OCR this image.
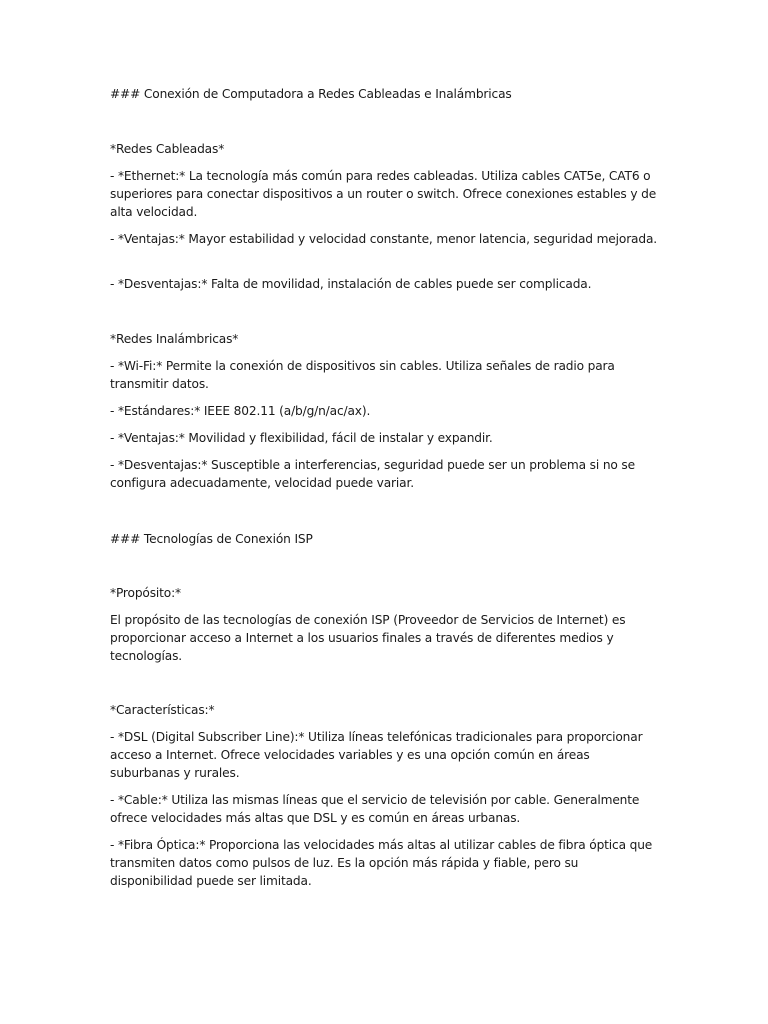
### Conexión de Computadora a Redes Cableadas e Inalámbricas
*Redes Cableadas*
- *Ethernet:* La tecnología más común para redes cableadas. Utiliza cables CAT5e, CAT6 o superiores para conectar dispositivos a un router o switch. Ofrece conexiones estables y de alta velocidad.
- *Ventajas:* Mayor estabilidad y velocidad constante, menor latencia, seguridad mejorada.
- *Desventajas:* Falta de movilidad, instalación de cables puede ser complicada.
*Redes Inalámbricas*
- *Wi-Fi:* Permite la conexión de dispositivos sin cables. Utiliza señales de radio para transmitir datos.
- *Estándares:* IEEE 802.11 (a/b/g/n/ac/ax).
- *Ventajas:* Movilidad y flexibilidad, fácil de instalar y expandir.
- *Desventajas:* Susceptible a interferencias, seguridad puede ser un problema si no se configura adecuadamente, velocidad puede variar.
### Tecnologías de Conexión ISP
*Propósito:*
El propósito de las tecnologías de conexión ISP (Proveedor de Servicios de Internet) es proporcionar acceso a Internet a los usuarios finales a través de diferentes medios y tecnologías.
*Características:*
- *DSL (Digital Subscriber Line):* Utiliza líneas telefónicas tradicionales para proporcionar acceso a Internet. Ofrece velocidades variables y es una opción común en áreas suburbanas y rurales.
- *Cable:* Utiliza las mismas líneas que el servicio de televisión por cable. Generalmente ofrece velocidades más altas que DSL y es común en áreas urbanas.
- *Fibra Óptica:* Proporciona las velocidades más altas al utilizar cables de fibra óptica que transmiten datos como pulsos de luz. Es la opción más rápida y fiable, pero su disponibilidad puede ser limitada.
